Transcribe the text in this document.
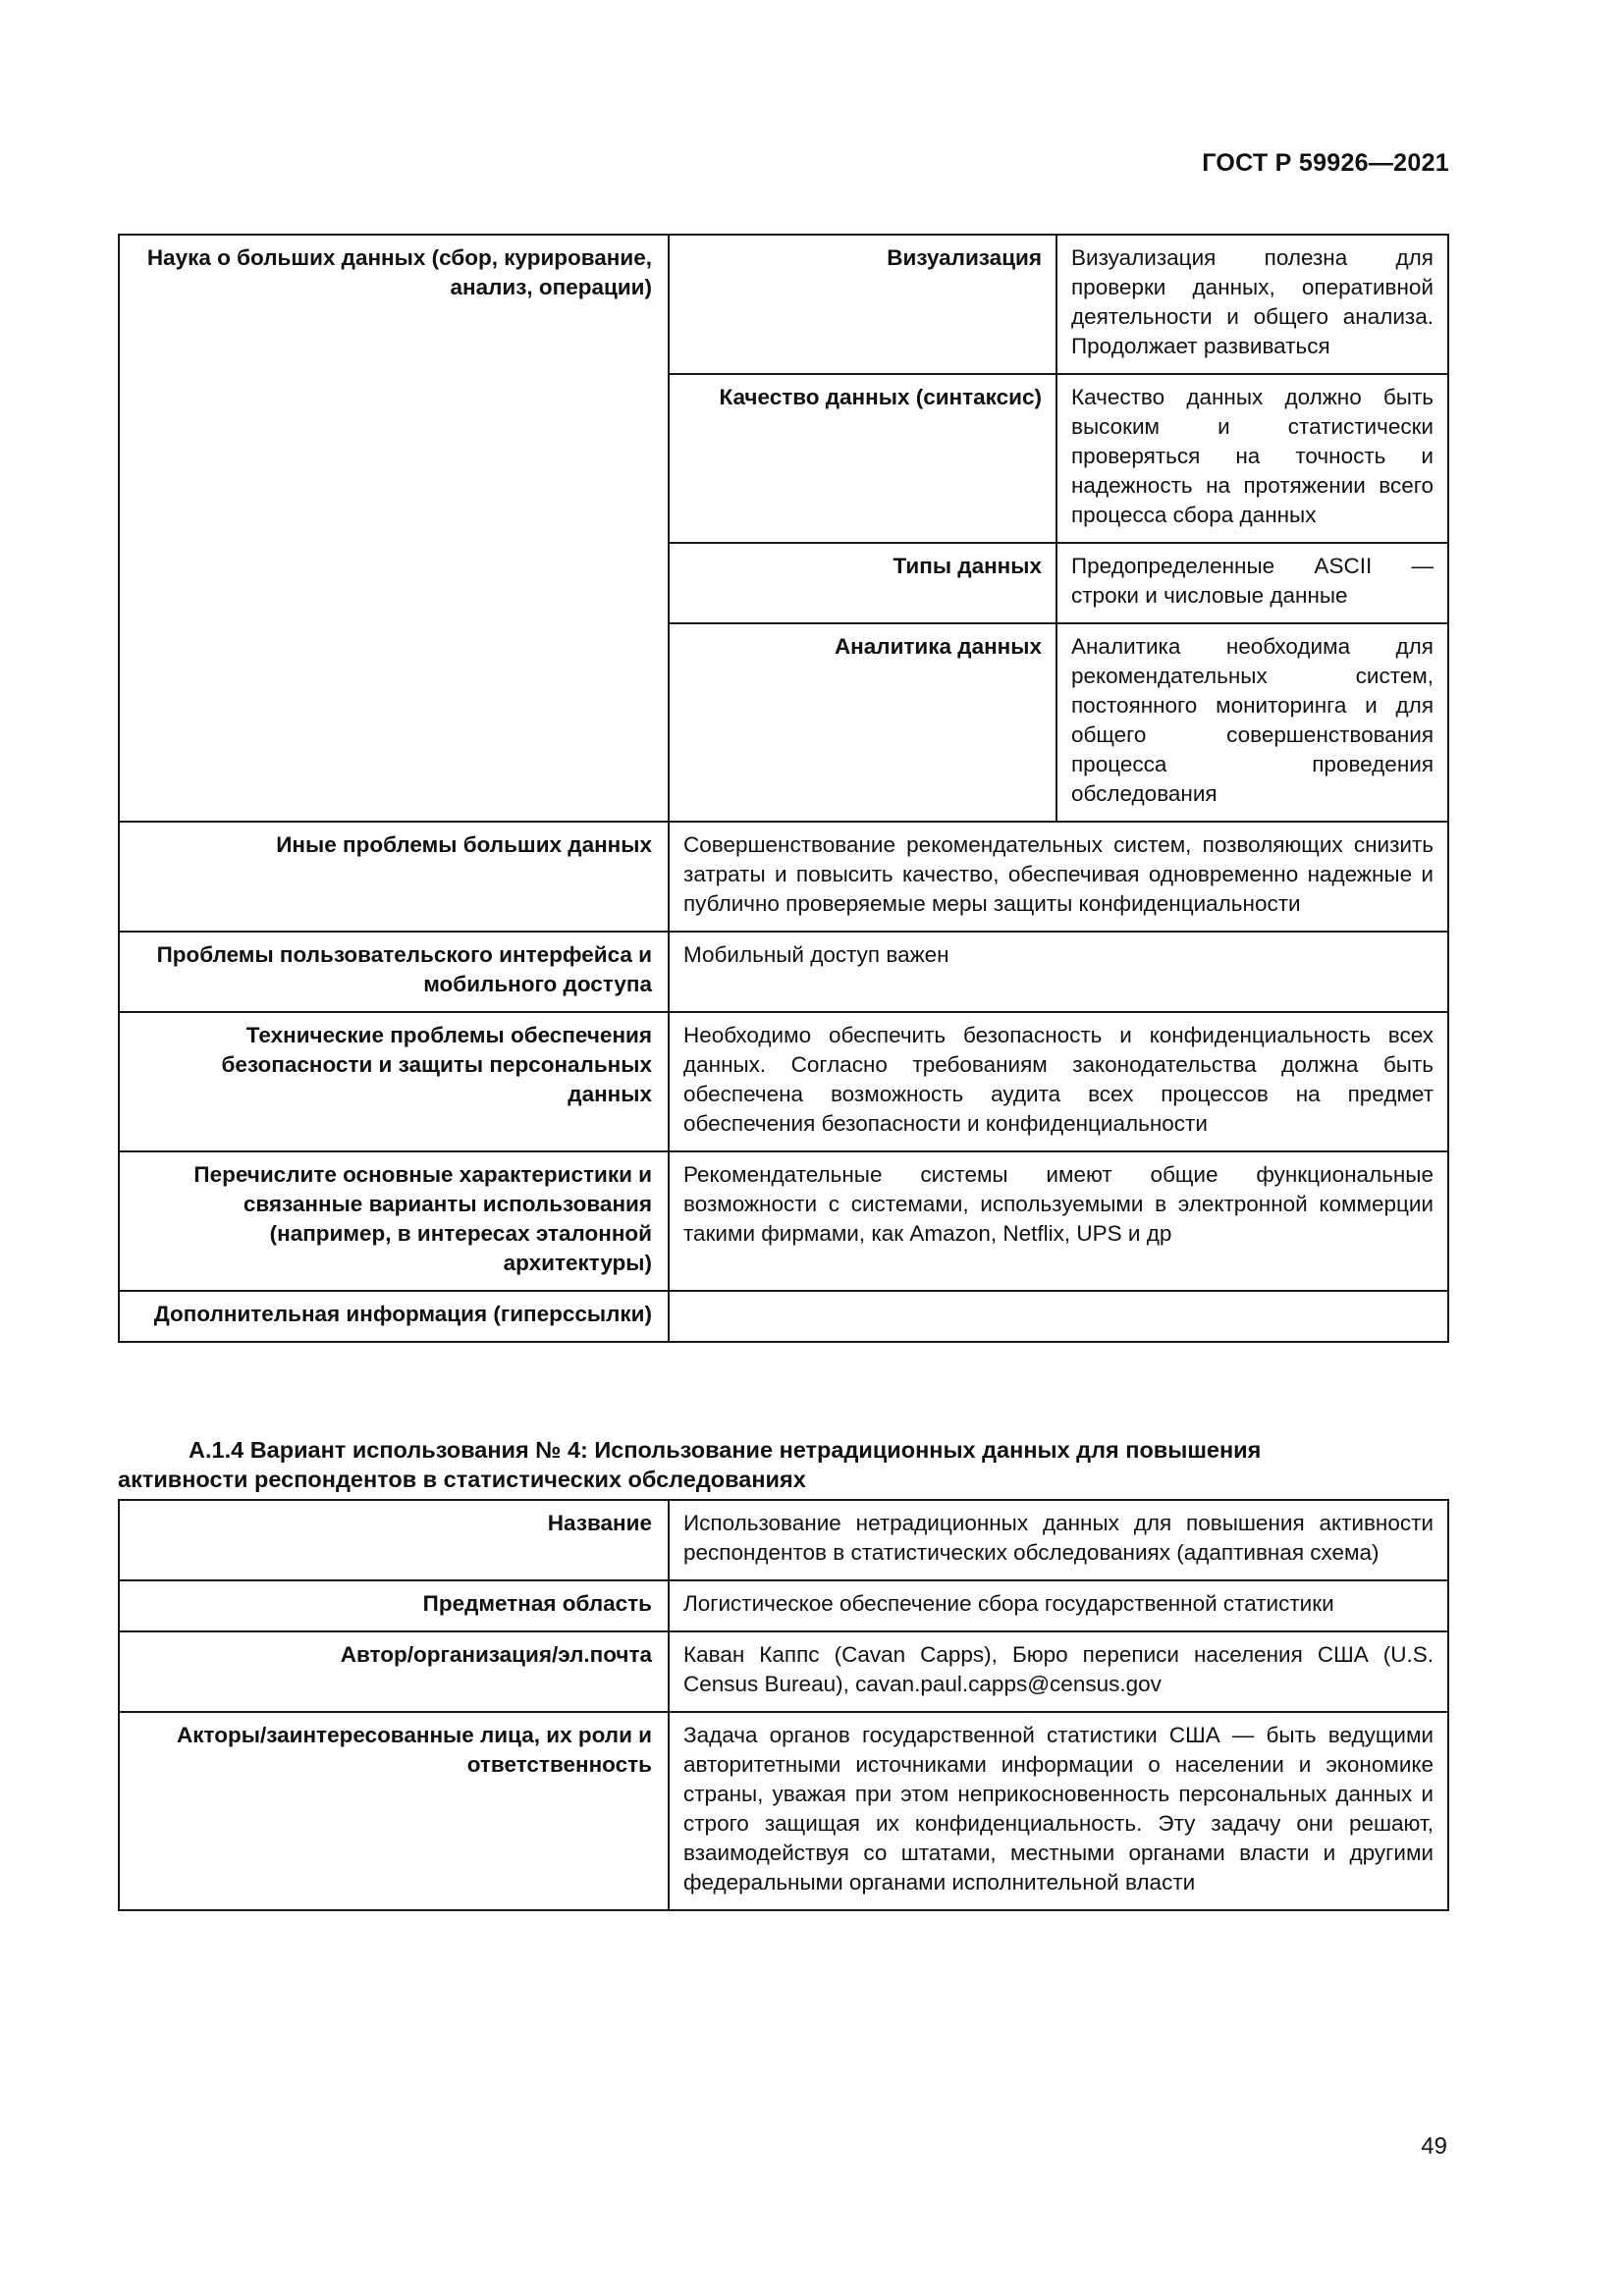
ГОСТ Р 59926—2021
Наука о больших данных (сбор, курирование, анализ, операции)	
Визуализация	Визуализация полезна для проверки данных, оперативной деятельности и общего анализа. Продолжает развиваться
Качество данных (синтаксис)	Качество данных должно быть высоким и статистически проверяться на точность и надежность на протяжении всего процесса сбора данных
Типы данных	Предопределенные ASCII — строки и числовые данные
Аналитика данных	Аналитика необходима для рекомендательных систем, постоянного мониторинга и для общего совершенствования процесса проведения обследования

Иные проблемы больших данных	Совершенствование рекомендательных систем, позволяющих снизить затраты и повысить качество, обеспечивая одновременно надежные и публично проверяемые меры защиты конфиденциальности
Проблемы пользовательского интерфейса и мобильного доступа	Мобильный доступ важен
Технические проблемы обеспечения безопасности и защиты персональных данных	Необходимо обеспечить безопасность и конфиденциальность всех данных. Согласно требованиям законодательства должна быть обеспечена возможность аудита всех процессов на предмет обеспечения безопасности и конфиденциальности
Перечислите основные характеристики и связанные варианты использования (например, в интересах эталонной архитектуры)	Рекомендательные системы имеют общие функциональные возможности с системами, используемыми в электронной коммерции такими фирмами, как Amazon, Netflix, UPS и др
Дополнительная информация (гиперссылки)	
А.1.4 Вариант использования № 4: Использование нетрадиционных данных для повышения
активности респондентов в статистических обследованиях
Название	Использование нетрадиционных данных для повышения активности респондентов в статистических обследованиях (адаптивная схема)
Предметная область	Логистическое обеспечение сбора государственной статистики
Автор/организация/эл.почта	Каван Каппс (Cavan Capps), Бюро переписи населения США (U.S. Census Bureau), cavan.paul.capps@census.gov
Акторы/заинтересованные лица, их роли и ответственность	Задача органов государственной статистики США — быть ведущими авторитетными источниками информации о населении и экономике страны, уважая при этом неприкосновенность персональных данных и строго защищая их конфиденциальность. Эту задачу они решают, взаимодействуя со штатами, местными органами власти и другими федеральными органами исполнительной власти
49
